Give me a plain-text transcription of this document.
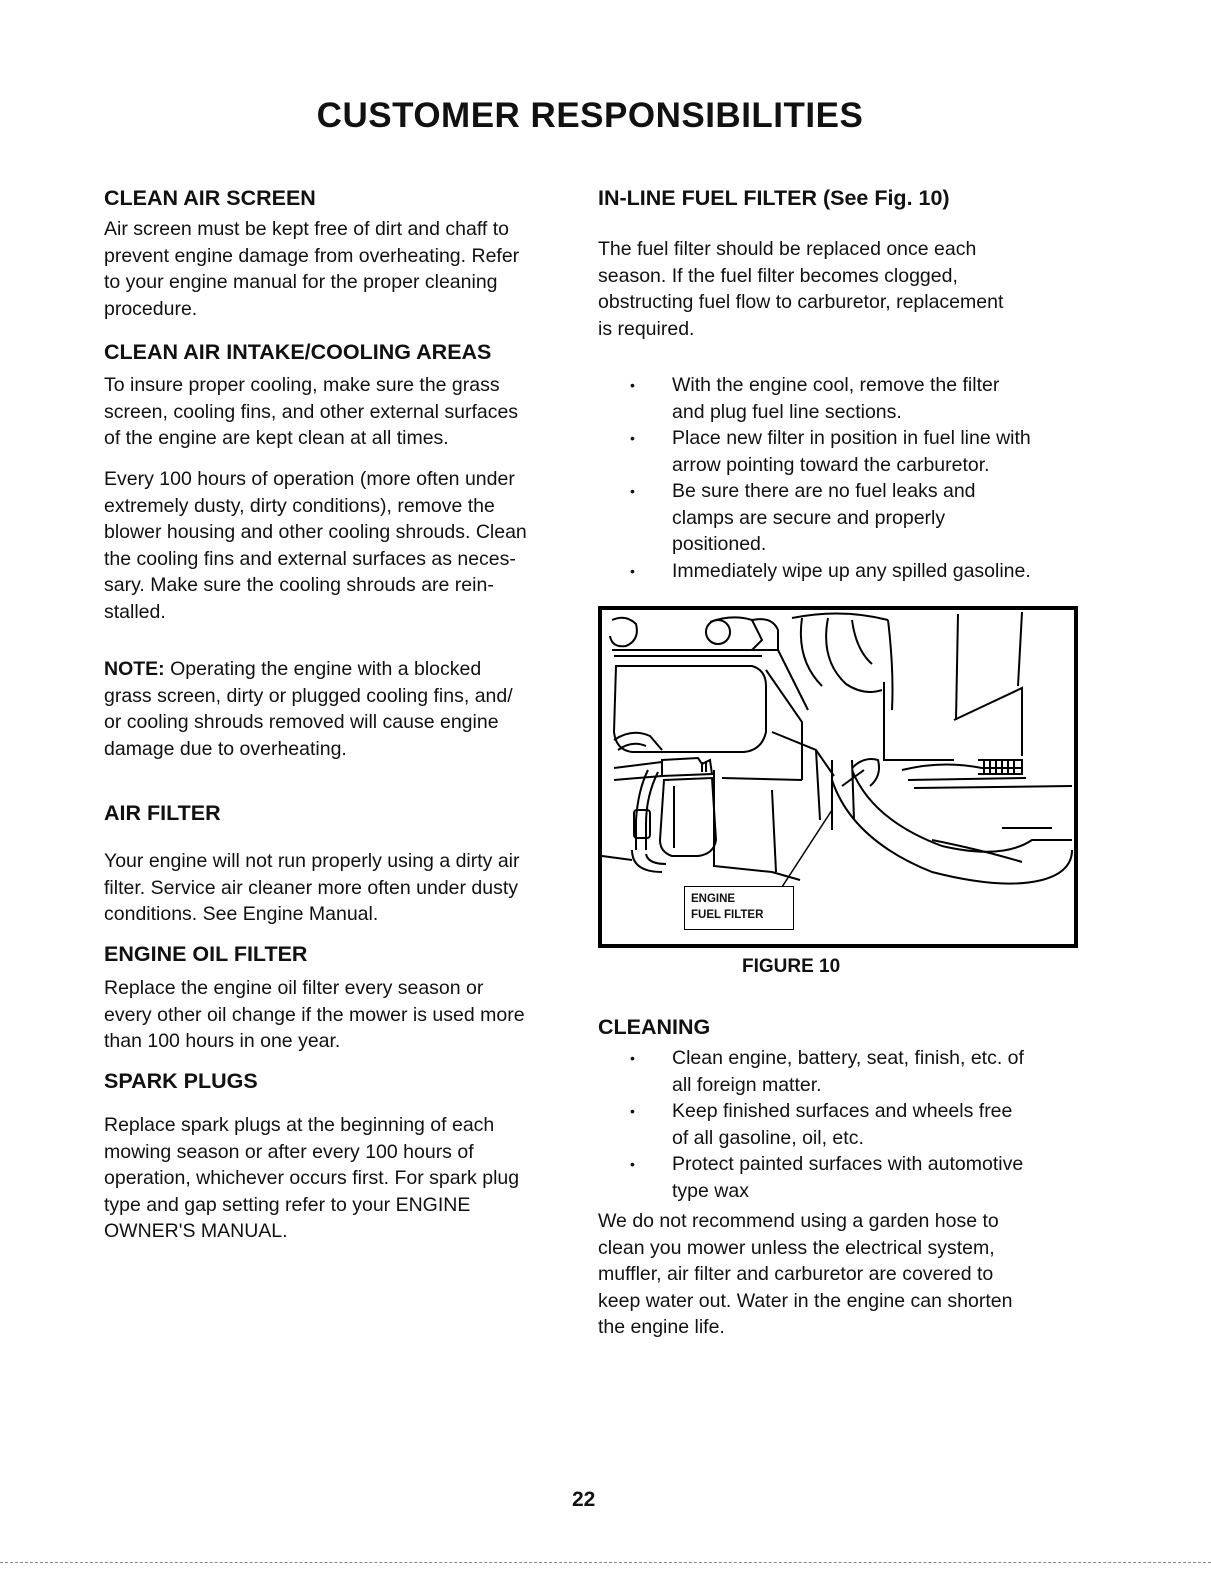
CUSTOMER RESPONSIBILITIES
CLEAN AIR SCREEN

Air screen must be kept free of dirt and chaff to
prevent engine damage from overheating. Refer
to your engine manual for the proper cleaning
procedure.

CLEAN AIR INTAKE/COOLING AREAS

To insure proper cooling, make sure the grass
screen, cooling fins, and other external surfaces
of the engine are kept clean at all times.

Every 100 hours of operation (more often under
extremely dusty, dirty conditions), remove the
blower housing and other cooling shrouds. Clean
the cooling fins and external surfaces as neces-
sary. Make sure the cooling shrouds are rein-
stalled.

NOTE: Operating the engine with a blocked
grass screen, dirty or plugged cooling fins, and/
or cooling shrouds removed will cause engine
damage due to overheating.

AIR FILTER

Your engine will not run properly using a dirty air
filter. Service air cleaner more often under dusty
conditions. See Engine Manual.

ENGINE OIL FILTER

Replace the engine oil filter every season or
every other oil change if the mower is used more
than 100 hours in one year.

SPARK PLUGS

Replace spark plugs at the beginning of each
mowing season or after every 100 hours of
operation, whichever occurs first. For spark plug
type and gap setting refer to your ENGINE
OWNER'S MANUAL.

IN-LINE FUEL FILTER (See Fig. 10)

The fuel filter should be replaced once each
season. If the fuel filter becomes clogged,
obstructing fuel flow to carburetor, replacement
is required.

• With the engine cool, remove the filter
and plug fuel line sections.
• Place new filter in position in fuel line with
arrow pointing toward the carburetor.
• Be sure there are no fuel leaks and
clamps are secure and properly
positioned.
• Immediately wipe up any spilled gasoline.
ENGINE
FUEL FILTER

FIGURE 10

CLEANING
• Clean engine, battery, seat, finish, etc. of
all foreign matter.
• Keep finished surfaces and wheels free
of all gasoline, oil, etc.
• Protect painted surfaces with automotive
type wax

We do not recommend using a garden hose to
clean you mower unless the electrical system,
muffler, air filter and carburetor are covered to
keep water out. Water in the engine can shorten
the engine life.

22
